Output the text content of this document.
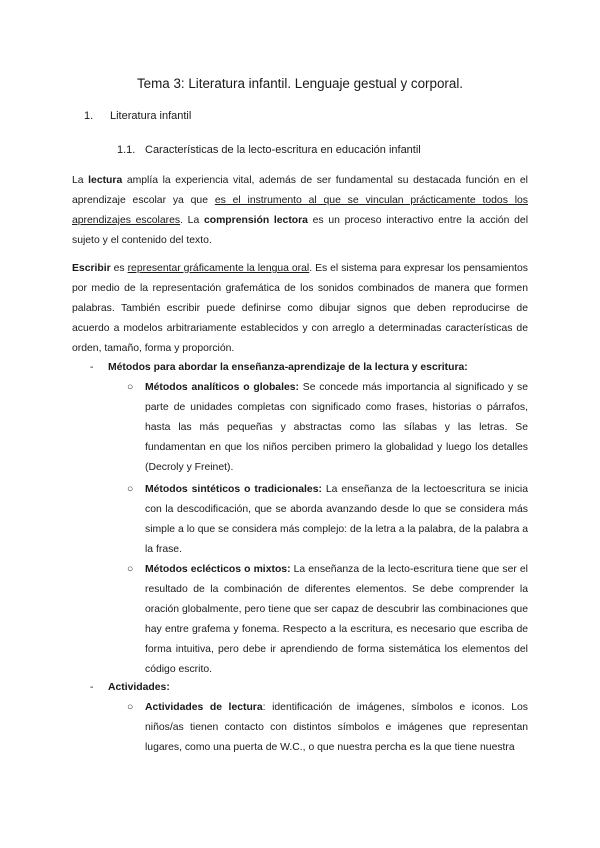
Tema 3: Literatura infantil. Lenguaje gestual y corporal.
1. Literatura infantil
1.1. Características de la lecto-escritura en educación infantil
La lectura amplía la experiencia vital, además de ser fundamental su destacada función en el aprendizaje escolar ya que es el instrumento al que se vinculan prácticamente todos los aprendizajes escolares. La comprensión lectora es un proceso interactivo entre la acción del sujeto y el contenido del texto.
Escribir es representar gráficamente la lengua oral. Es el sistema para expresar los pensamientos por medio de la representación grafemática de los sonidos combinados de manera que formen palabras. También escribir puede definirse como dibujar signos que deben reproducirse de acuerdo a modelos arbitrariamente establecidos y con arreglo a determinadas características de orden, tamaño, forma y proporción.
- Métodos para abordar la enseñanza-aprendizaje de la lectura y escritura:
○ Métodos analíticos o globales: Se concede más importancia al significado y se parte de unidades completas con significado como frases, historias o párrafos, hasta las más pequeñas y abstractas como las sílabas y las letras. Se fundamentan en que los niños perciben primero la globalidad y luego los detalles (Decroly y Freinet).
○ Métodos sintéticos o tradicionales: La enseñanza de la lectoescritura se inicia con la descodificación, que se aborda avanzando desde lo que se considera más simple a lo que se considera más complejo: de la letra a la palabra, de la palabra a la frase.
○ Métodos eclécticos o mixtos: La enseñanza de la lecto-escritura tiene que ser el resultado de la combinación de diferentes elementos. Se debe comprender la oración globalmente, pero tiene que ser capaz de descubrir las combinaciones que hay entre grafema y fonema. Respecto a la escritura, es necesario que escriba de forma intuitiva, pero debe ir aprendiendo de forma sistemática los elementos del código escrito.
- Actividades:
○ Actividades de lectura: identificación de imágenes, símbolos e iconos. Los niños/as tienen contacto con distintos símbolos e imágenes que representan lugares, como una puerta de W.C., o que nuestra percha es la que tiene nuestra
